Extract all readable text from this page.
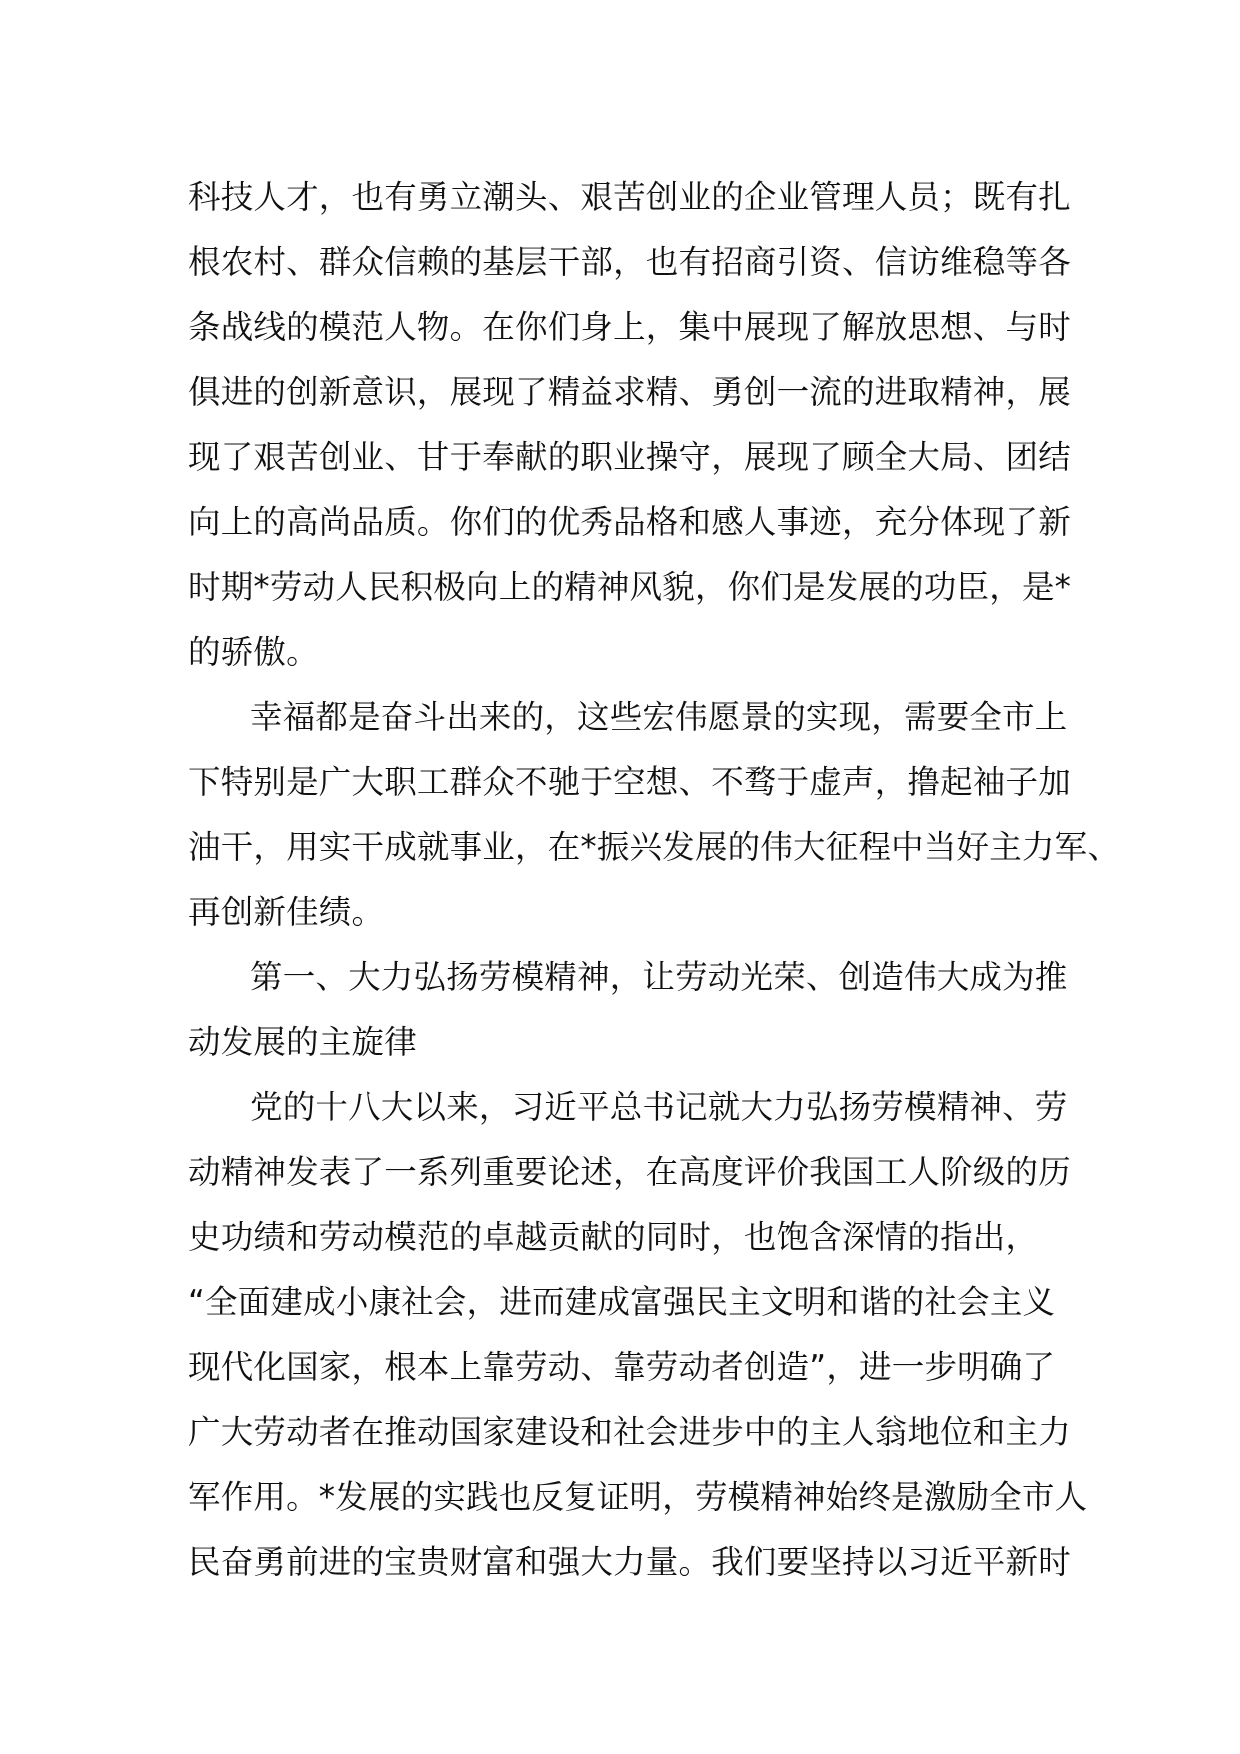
科技人才，也有勇立潮头、艰苦创业的企业管理人员；既有扎
根农村、群众信赖的基层干部，也有招商引资、信访维稳等各
条战线的模范人物。在你们身上，集中展现了解放思想、与时
俱进的创新意识，展现了精益求精、勇创一流的进取精神，展
现了艰苦创业、甘于奉献的职业操守，展现了顾全大局、团结
向上的高尚品质。你们的优秀品格和感人事迹，充分体现了新
时期*劳动人民积极向上的精神风貌，你们是发展的功臣，是*
的骄傲。
幸福都是奋斗出来的，这些宏伟愿景的实现，需要全市上
下特别是广大职工群众不驰于空想、不骛于虚声，撸起袖子加
油干，用实干成就事业，在*振兴发展的伟大征程中当好主力军、
再创新佳绩。
第一、大力弘扬劳模精神，让劳动光荣、创造伟大成为推
动发展的主旋律
党的十八大以来，习近平总书记就大力弘扬劳模精神、劳
动精神发表了一系列重要论述，在高度评价我国工人阶级的历
史功绩和劳动模范的卓越贡献的同时，也饱含深情的指出，
“全面建成小康社会，进而建成富强民主文明和谐的社会主义
现代化国家，根本上靠劳动、靠劳动者创造”，进一步明确了
广大劳动者在推动国家建设和社会进步中的主人翁地位和主力
军作用。*发展的实践也反复证明，劳模精神始终是激励全市人
民奋勇前进的宝贵财富和强大力量。我们要坚持以习近平新时
